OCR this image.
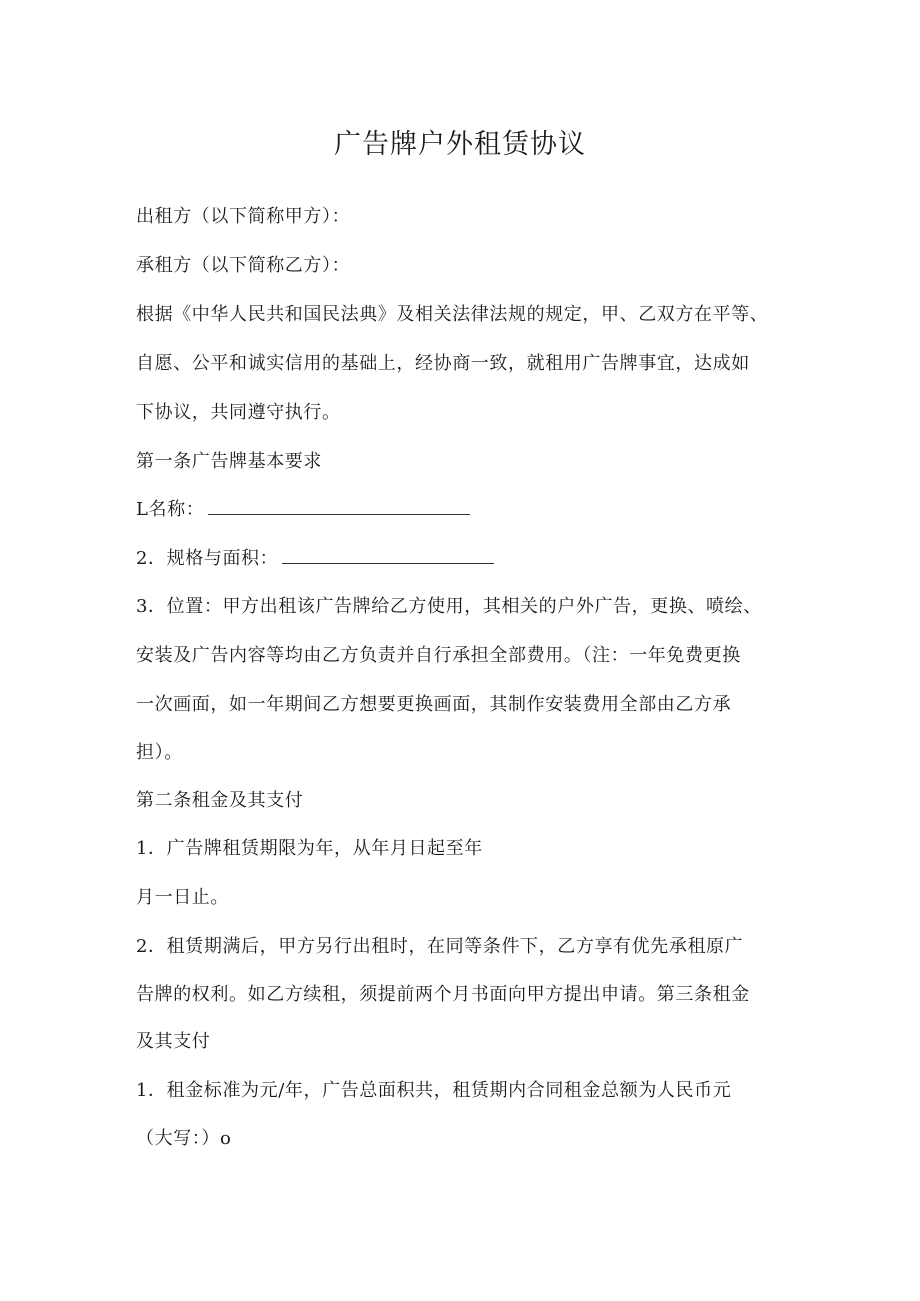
广告牌户外租赁协议
出租方（以下简称甲方）：
承租方（以下简称乙方）：
根据《中华人民共和国民法典》及相关法律法规的规定，甲、乙双方在平等、
自愿、公平和诚实信用的基础上，经协商一致，就租用广告牌事宜，达成如
下协议，共同遵守执行。
第一条广告牌基本要求
L名称：
2．规格与面积：
3．位置：甲方出租该广告牌给乙方使用，其相关的户外广告，更换、喷绘、
安装及广告内容等均由乙方负责并自行承担全部费用。（注：一年免费更换
一次画面，如一年期间乙方想要更换画面，其制作安装费用全部由乙方承
担）。
第二条租金及其支付
1．广告牌租赁期限为年，从年月日起至年
月一日止。
2．租赁期满后，甲方另行出租时，在同等条件下，乙方享有优先承租原广
告牌的权利。如乙方续租，须提前两个月书面向甲方提出申请。第三条租金
及其支付
1．租金标准为元/年，广告总面积共，租赁期内合同租金总额为人民币元
（大写：）o
